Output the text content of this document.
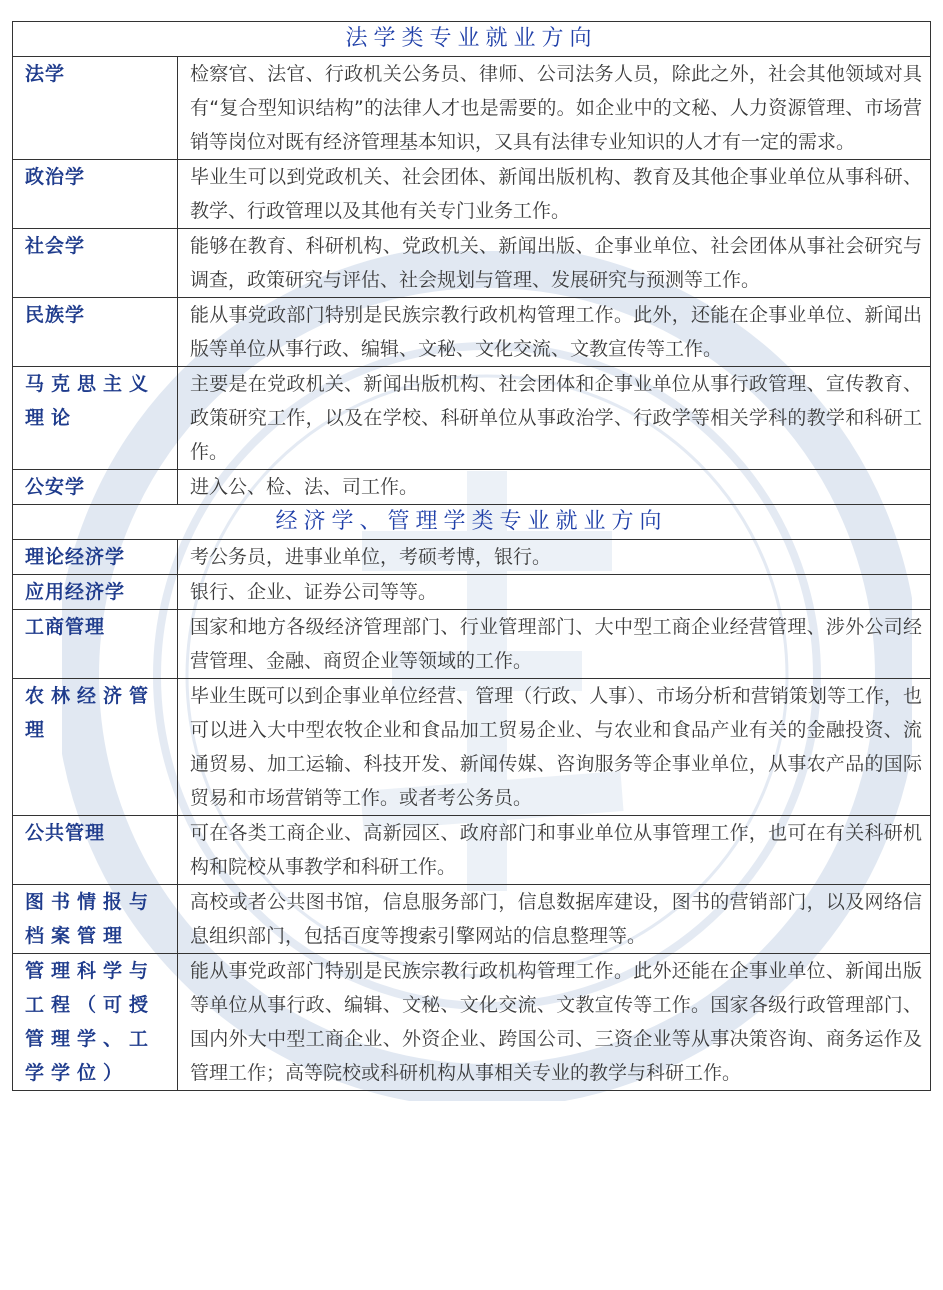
法学类专业就业方向	
法学	检察官、法官、行政机关公务员、律师、公司法务人员，除此之外，社会其他领域对具有“复合型知识结构”的法律人才也是需要的。如企业中的文秘、人力资源管理、市场营销等岗位对既有经济管理基本知识，又具有法律专业知识的人才有一定的需求。
政治学	毕业生可以到党政机关、社会团体、新闻出版机构、教育及其他企事业单位从事科研、教学、行政管理以及其他有关专门业务工作。
社会学	能够在教育、科研机构、党政机关、新闻出版、企事业单位、社会团体从事社会研究与调查，政策研究与评估、社会规划与管理、发展研究与预测等工作。
民族学	能从事党政部门特别是民族宗教行政机构管理工作。此外，还能在企事业单位、新闻出版等单位从事行政、编辑、文秘、文化交流、文教宣传等工作。
马克思主义理论	主要是在党政机关、新闻出版机构、社会团体和企事业单位从事行政管理、宣传教育、政策研究工作，以及在学校、科研单位从事政治学、行政学等相关学科的教学和科研工作。
公安学	进入公、检、法、司工作。
经济学、管理学类专业就业方向	
理论经济学	考公务员，进事业单位，考硕考博，银行。
应用经济学	银行、企业、证券公司等等。
工商管理	国家和地方各级经济管理部门、行业管理部门、大中型工商企业经营管理、涉外公司经营管理、金融、商贸企业等领域的工作。
农林经济管理	毕业生既可以到企事业单位经营、管理（行政、人事）、市场分析和营销策划等工作，也可以进入大中型农牧企业和食品加工贸易企业、与农业和食品产业有关的金融投资、流通贸易、加工运输、科技开发、新闻传媒、咨询服务等企事业单位，从事农产品的国际贸易和市场营销等工作。或者考公务员。
公共管理	可在各类工商企业、高新园区、政府部门和事业单位从事管理工作，也可在有关科研机构和院校从事教学和科研工作。
图书情报与档案管理	高校或者公共图书馆，信息服务部门，信息数据库建设，图书的营销部门，以及网络信息组织部门，包括百度等搜索引擎网站的信息整理等。
管理科学与工程（可授管理学、工学学位）	能从事党政部门特别是民族宗教行政机构管理工作。此外还能在企事业单位、新闻出版等单位从事行政、编辑、文秘、文化交流、文教宣传等工作。国家各级行政管理部门、国内外大中型工商企业、外资企业、跨国公司、三资企业等从事决策咨询、商务运作及管理工作；高等院校或科研机构从事相关专业的教学与科研工作。
